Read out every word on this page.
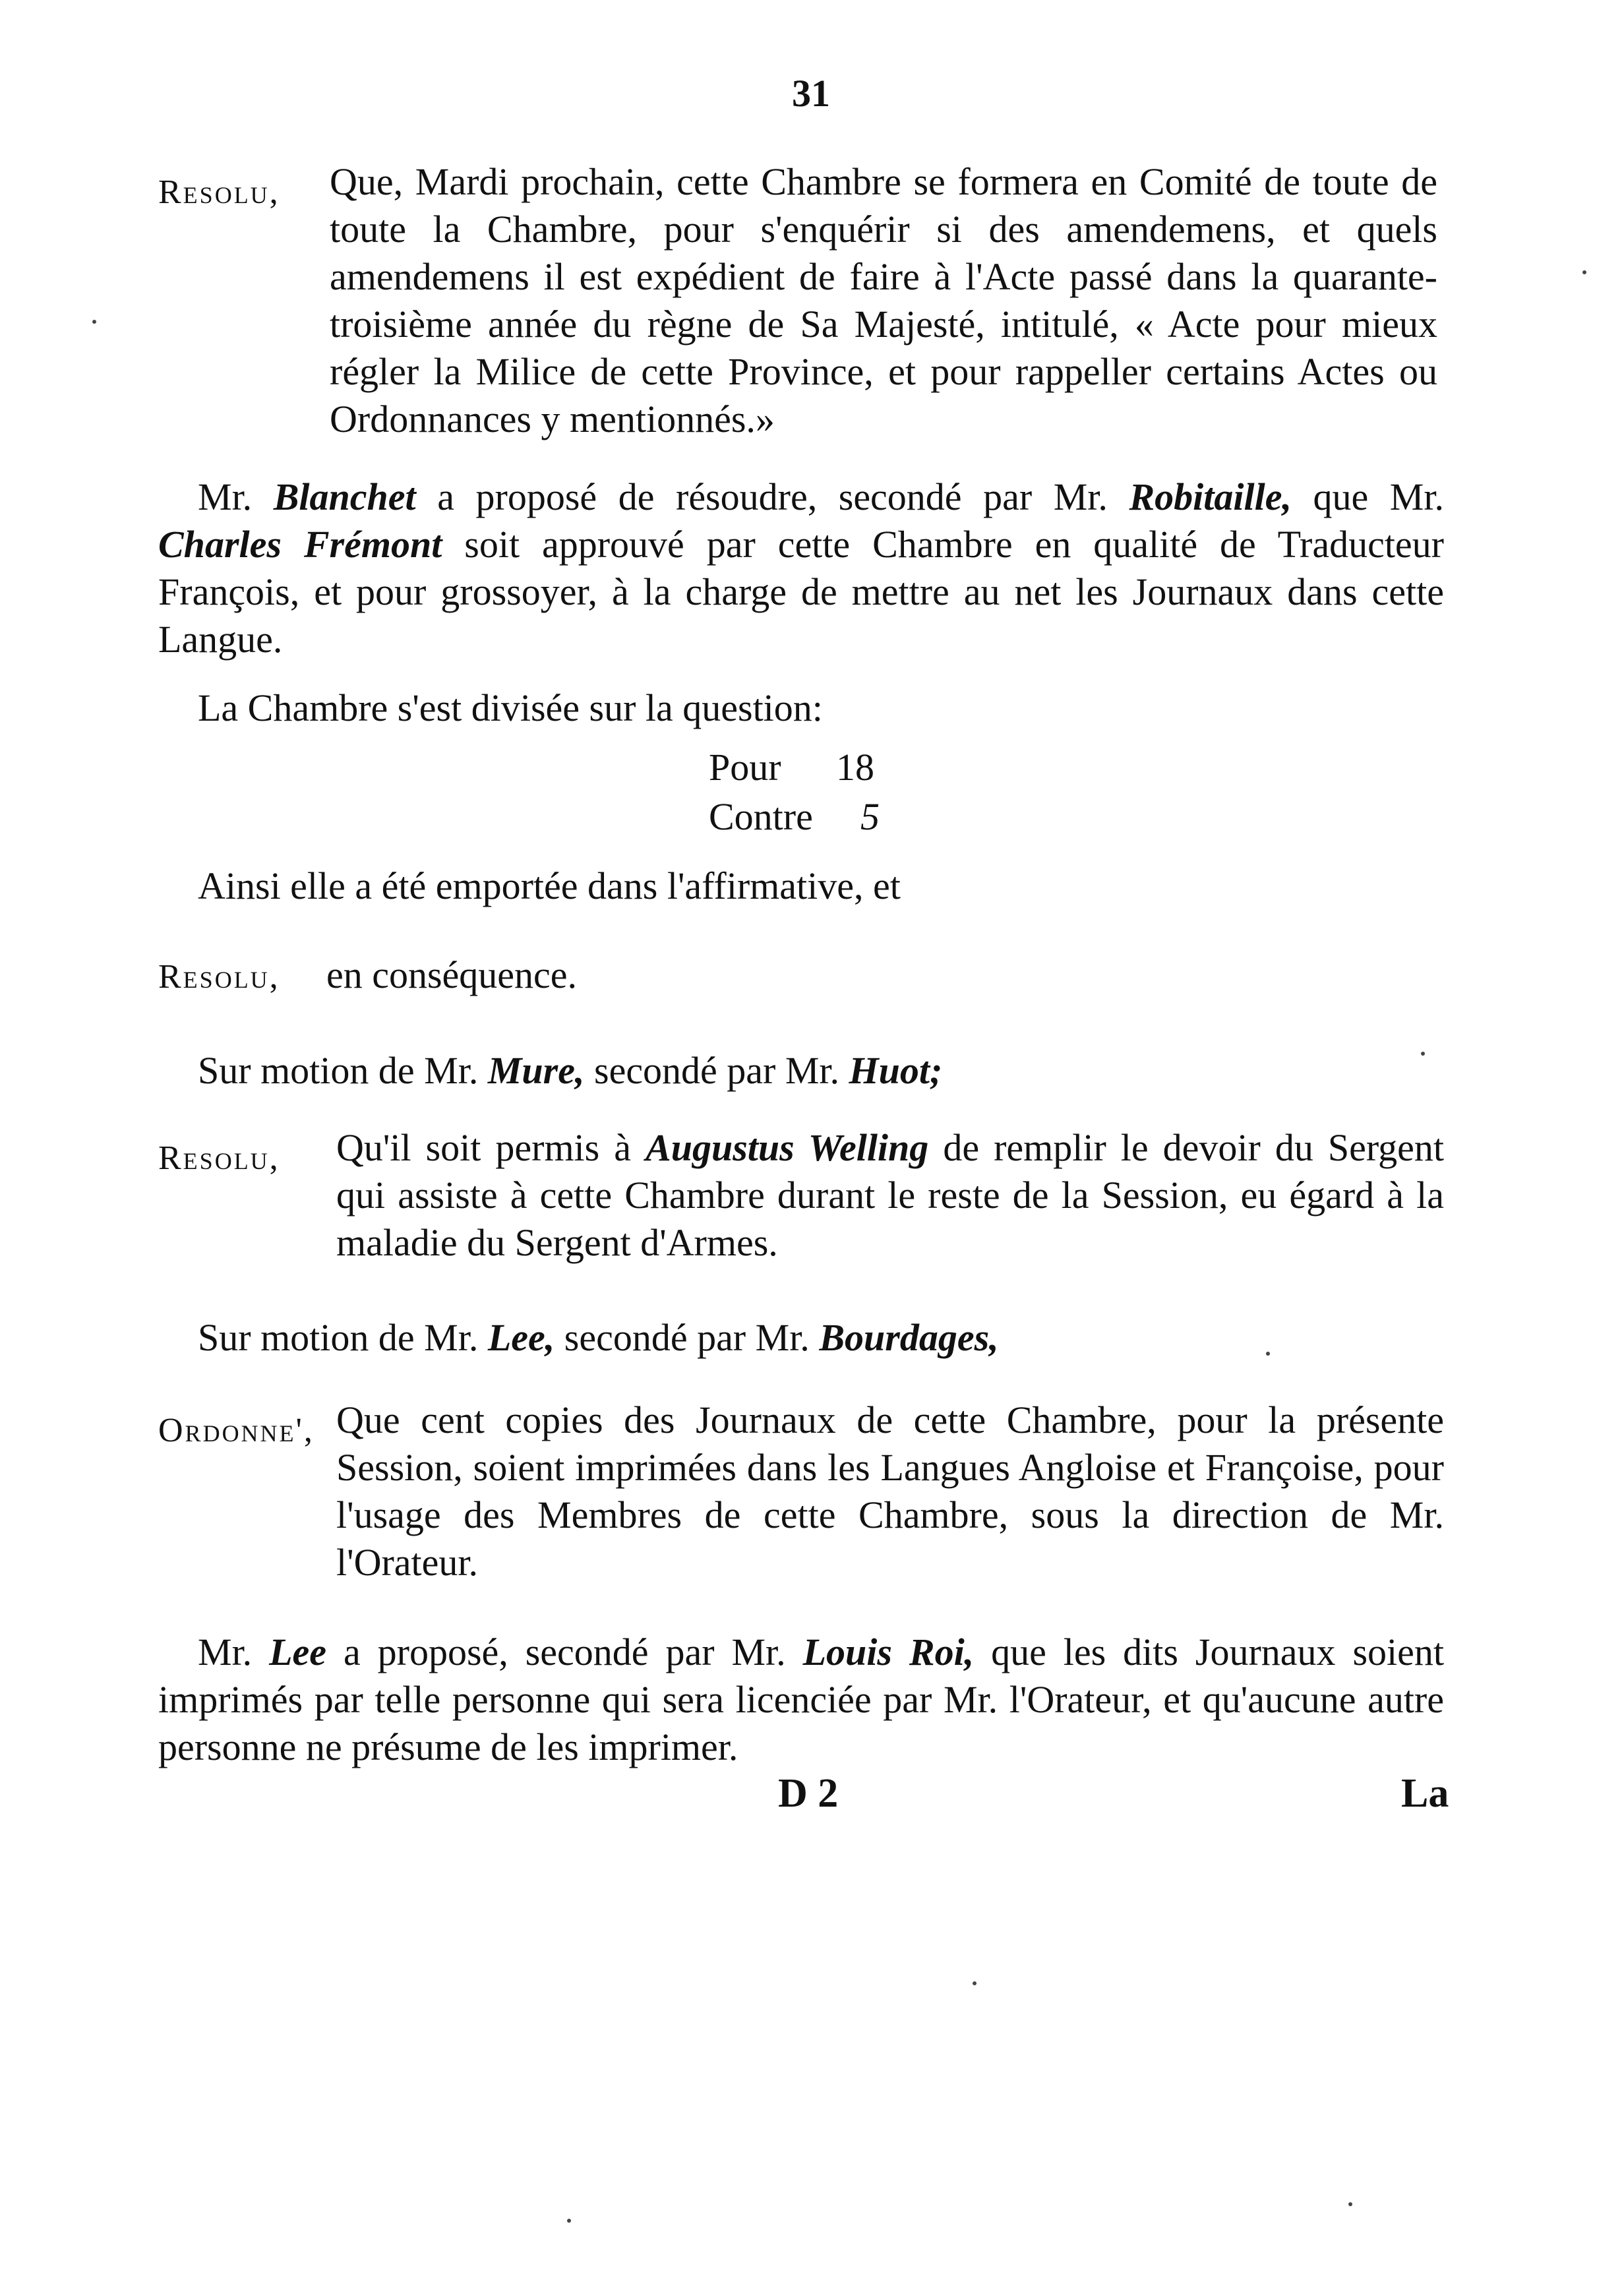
31
Resolu, Que, Mardi prochain, cette Chambre se formera en Comité de toute de toute la Chambre, pour s'enquérir si des amendemens, et quels amendemens il est expédient de faire à l'Acte passé dans la quarante-troisième année du règne de Sa Majesté, intitulé, « Acte pour mieux régler la Milice de cette Province, et pour rappeller certains Actes ou Ordonnances y mentionnés.»
Mr. Blanchet a proposé de résoudre, secondé par Mr. Robitaille, que Mr. Charles Frémont soit approuvé par cette Chambre en qualité de Traducteur François, et pour grossoyer, à la charge de mettre au net les Journaux dans cette Langue.
La Chambre s'est divisée sur la question:
Pour 18
Contre 5
Ainsi elle a été emportée dans l'affirmative, et
Resolu, en conséquence.
Sur motion de Mr. Mure, secondé par Mr. Huot;
Resolu, Qu'il soit permis à Augustus Welling de remplir le devoir du Sergent qui assiste à cette Chambre durant le reste de la Session, eu égard à la maladie du Sergent d'Armes.
Sur motion de Mr. Lee, secondé par Mr. Bourdages,
Ordonne', Que cent copies des Journaux de cette Chambre, pour la présente Session, soient imprimées dans les Langues Angloise et Françoise, pour l'usage des Membres de cette Chambre, sous la direction de Mr. l'Orateur.
Mr. Lee a proposé, secondé par Mr. Louis Roi, que les dits Journaux soient imprimés par telle personne qui sera licenciée par Mr. l'Orateur, et qu'aucune autre personne ne présume de les imprimer.
D 2	La
